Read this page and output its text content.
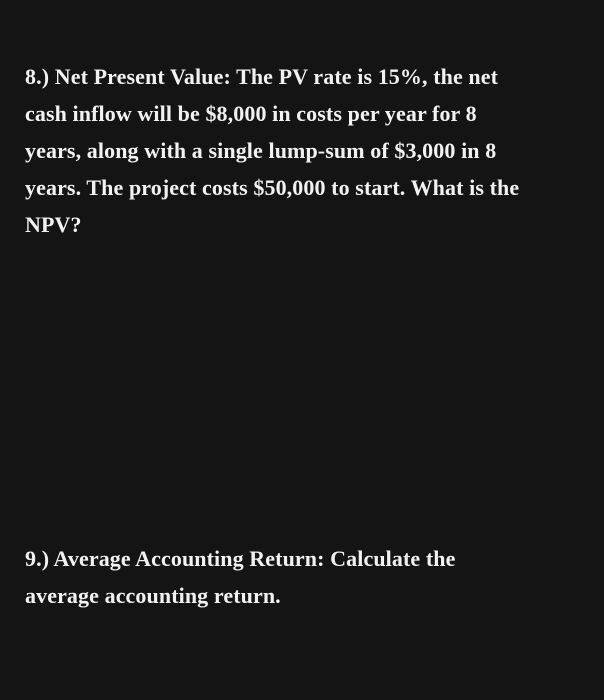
8.) Net Present Value: The PV rate is 15%, the net
cash inflow will be $8,000 in costs per year for 8
years, along with a single lump-sum of $3,000 in 8
years. The project costs $50,000 to start. What is the
NPV?

9.) Average Accounting Return: Calculate the
average accounting return.
